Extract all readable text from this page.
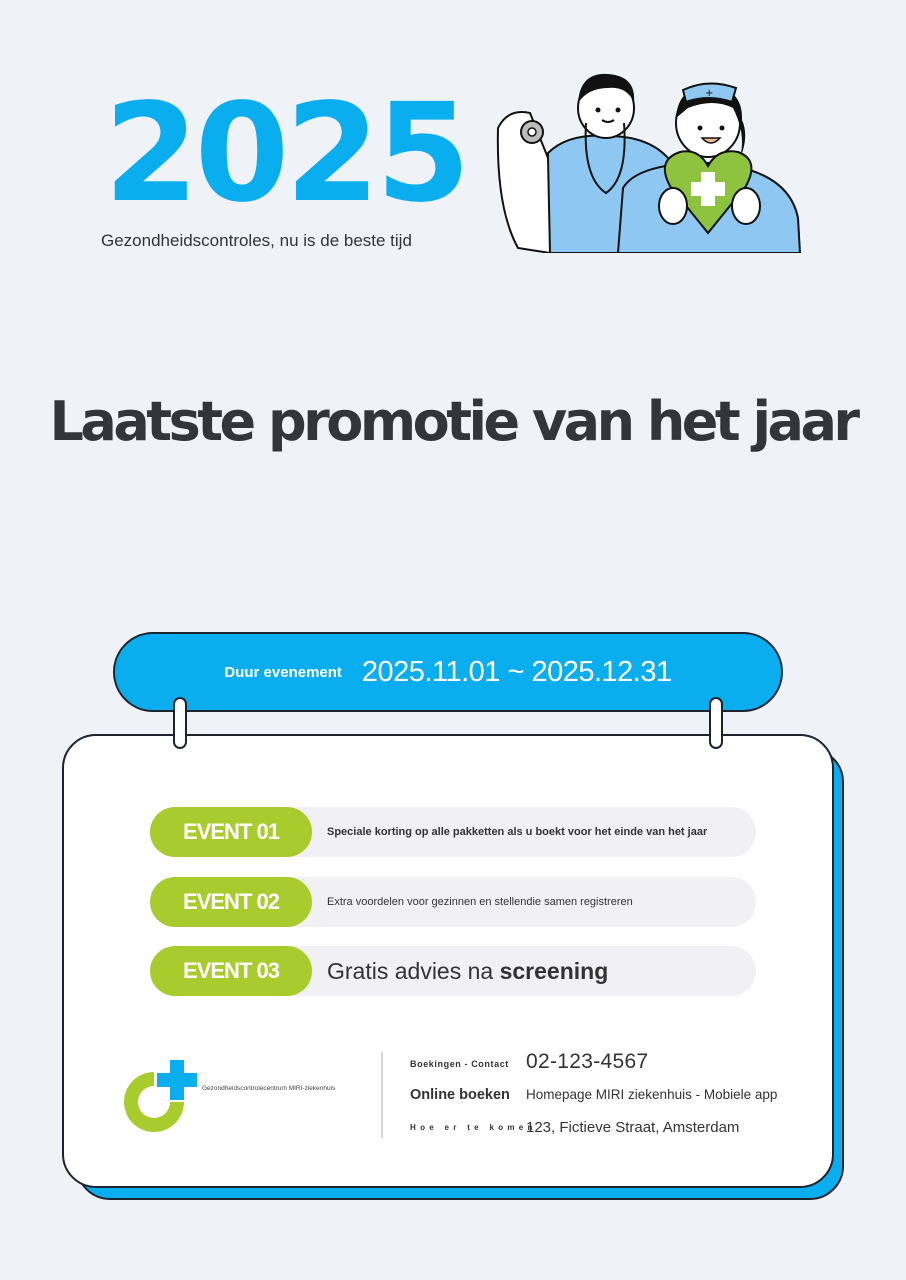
2025
Gezondheidscontroles, nu is de beste tijd
+
Laatste promotie van het jaar
Duur evenement 2025.11.01 ~ 2025.12.31
EVENT 01	Speciale korting op alle pakketten als u boekt voor het einde van het jaar
EVENT 02	Extra voordelen voor gezinnen en stellendie samen registreren
EVENT 03	Gratis advies na screening
Gezondheidscontrolecentrum MIRI-ziekenhuis
Boekingen - Contact 02-123-4567
Online boeken Homepage MIRI ziekenhuis - Mobiele app
Hoe er te komen
123, Fictieve Straat, Amsterdam
